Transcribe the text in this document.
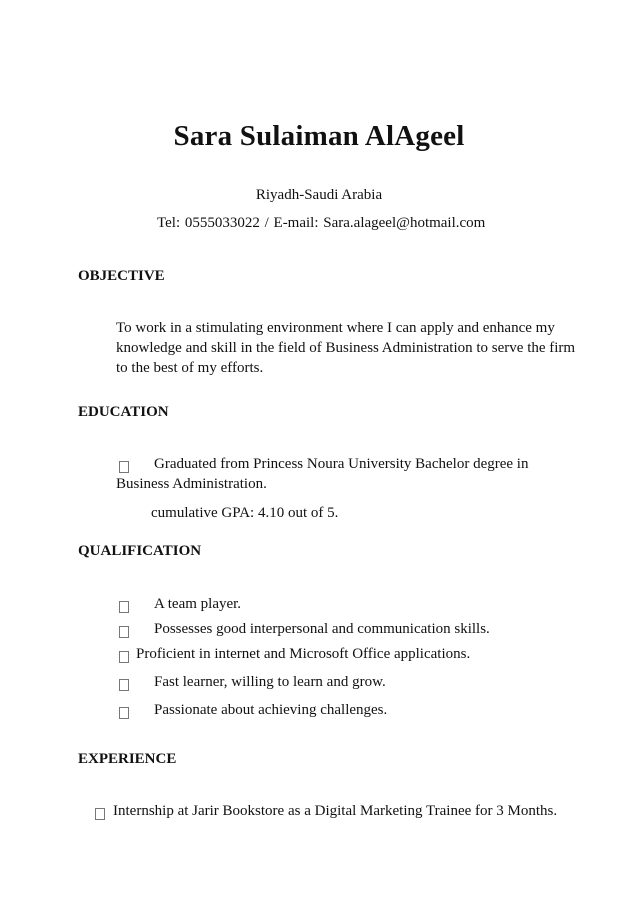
Sara Sulaiman AlAgeel
Riyadh-Saudi Arabia
Tel: 0555033022 / E-mail: Sara.alageel@hotmail.com
OBJECTIVE
To work in a stimulating environment where I can apply and enhance my knowledge and skill in the field of Business Administration to serve the firm to the best of my efforts.
EDUCATION
Graduated from Princess Noura University Bachelor degree in
Business Administration.
cumulative GPA: 4.10 out of 5.
QUALIFICATION
A team player.
Possesses good interpersonal and communication skills.
Proficient in internet and Microsoft Office applications.
Fast learner, willing to learn and grow.
Passionate about achieving challenges.
EXPERIENCE
Internship at Jarir Bookstore as a Digital Marketing Trainee for 3 Months.
